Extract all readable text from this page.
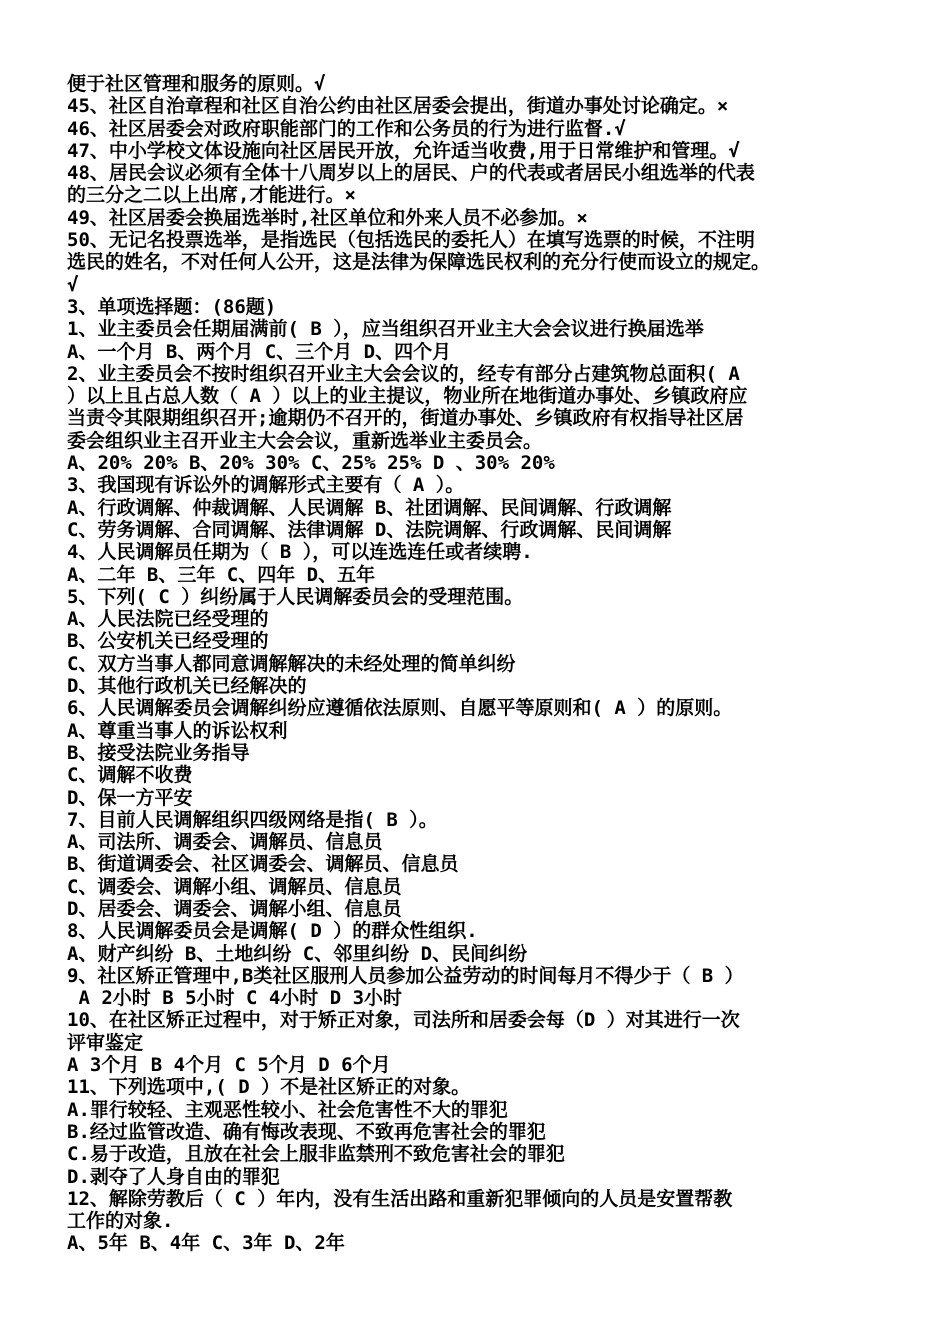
便于社区管理和服务的原则。√
45、社区自治章程和社区自治公约由社区居委会提出，街道办事处讨论确定。×
46、社区居委会对政府职能部门的工作和公务员的行为进行监督.√
47、中小学校文体设施向社区居民开放，允许适当收费,用于日常维护和管理。√
48、居民会议必须有全体十八周岁以上的居民、户的代表或者居民小组选举的代表
的三分之二以上出席,才能进行。×
49、社区居委会换届选举时,社区单位和外来人员不必参加。×
50、无记名投票选举，是指选民（包括选民的委托人）在填写选票的时候，不注明
选民的姓名，不对任何人公开，这是法律为保障选民权利的充分行使而设立的规定。
√
3、单项选择题：(86题)
1、业主委员会任期届满前( B ），应当组织召开业主大会会议进行换届选举
A、一个月 B、两个月 C、三个月 D、四个月
2、业主委员会不按时组织召开业主大会会议的，经专有部分占建筑物总面积( A
）以上且占总人数（ A ）以上的业主提议，物业所在地街道办事处、乡镇政府应
当责令其限期组织召开;逾期仍不召开的，街道办事处、乡镇政府有权指导社区居
委会组织业主召开业主大会会议，重新选举业主委员会。
A、20% 20% B、20% 30% C、25% 25% D 、30% 20%
3、我国现有诉讼外的调解形式主要有（ A ）。
A、行政调解、仲裁调解、人民调解 B、社团调解、民间调解、行政调解
C、劳务调解、合同调解、法律调解 D、法院调解、行政调解、民间调解
4、人民调解员任期为（ B ），可以连选连任或者续聘.
A、二年 B、三年 C、四年 D、五年
5、下列( C ）纠纷属于人民调解委员会的受理范围。
A、人民法院已经受理的
B、公安机关已经受理的
C、双方当事人都同意调解解决的未经处理的简单纠纷
D、其他行政机关已经解决的
6、人民调解委员会调解纠纷应遵循依法原则、自愿平等原则和( A ）的原则。
A、尊重当事人的诉讼权利
B、接受法院业务指导
C、调解不收费
D、保一方平安
7、目前人民调解组织四级网络是指( B ）。
A、司法所、调委会、调解员、信息员
B、街道调委会、社区调委会、调解员、信息员
C、调委会、调解小组、调解员、信息员
D、居委会、调委会、调解小组、信息员
8、人民调解委员会是调解( D ）的群众性组织.
A、财产纠纷 B、土地纠纷 C、邻里纠纷 D、民间纠纷
9、社区矫正管理中,B类社区服刑人员参加公益劳动的时间每月不得少于（ B ）
A 2小时 B 5小时 C 4小时 D 3小时
10、在社区矫正过程中，对于矫正对象，司法所和居委会每（D ）对其进行一次
评审鉴定
A 3个月 B 4个月 C 5个月 D 6个月
11、下列选项中,( D ）不是社区矫正的对象。
A.罪行较轻、主观恶性较小、社会危害性不大的罪犯
B.经过监管改造、确有悔改表现、不致再危害社会的罪犯
C.易于改造，且放在社会上服非监禁刑不致危害社会的罪犯
D.剥夺了人身自由的罪犯
12、解除劳教后（ C ）年内，没有生活出路和重新犯罪倾向的人员是安置帮教
工作的对象.
A、5年 B、4年 C、3年 D、2年
